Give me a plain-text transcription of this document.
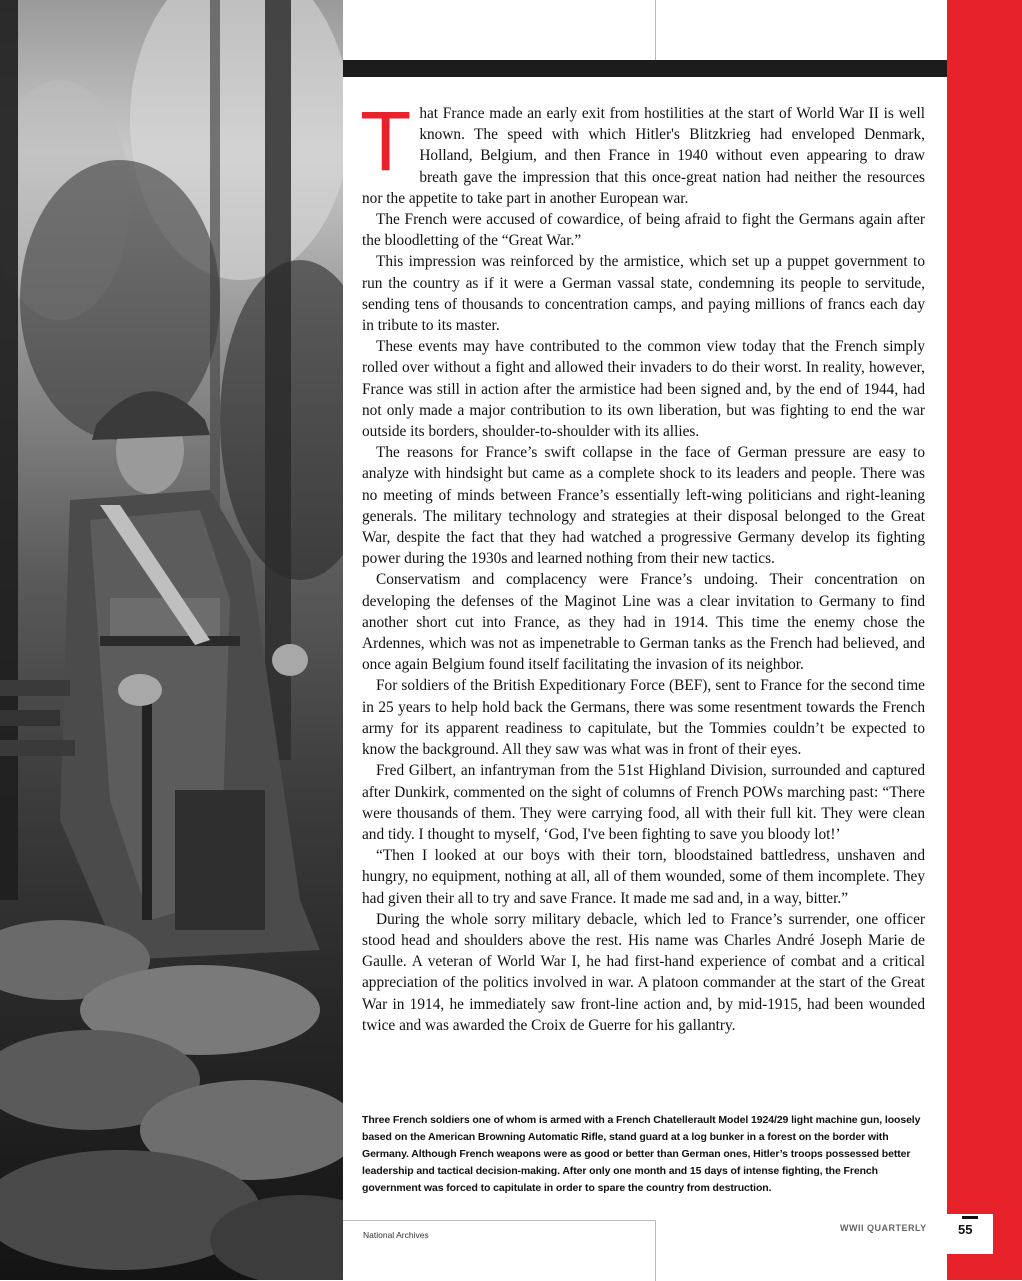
55
WWII QUARTERLY

That France made an early exit from hostilities at the start of World War II is well known. The speed with which Hitler's Blitzkrieg had enveloped Denmark, Holland, Belgium, and then France in 1940 without even appearing to draw breath gave the impression that this once-great nation had neither the resources nor the appetite to take part in another European war.

The French were accused of cowardice, of being afraid to fight the Germans again after the bloodletting of the “Great War.”

This impression was reinforced by the armistice, which set up a puppet government to run the country as if it were a German vassal state, condemning its people to servitude, sending tens of thousands to concentration camps, and paying millions of francs each day in tribute to its master.

These events may have contributed to the common view today that the French simply rolled over without a fight and allowed their invaders to do their worst. In reality, however, France was still in action after the armistice had been signed and, by the end of 1944, had not only made a major contribution to its own liberation, but was fighting to end the war outside its borders, shoulder-to-shoulder with its allies.

The reasons for France’s swift collapse in the face of German pressure are easy to analyze with hindsight but came as a complete shock to its leaders and people. There was no meeting of minds between France’s essentially left-wing politicians and right-leaning generals. The military technology and strategies at their disposal belonged to the Great War, despite the fact that they had watched a progressive Germany develop its fighting power during the 1930s and learned nothing from their new tactics.

Conservatism and complacency were France’s undoing. Their concentration on developing the defenses of the Maginot Line was a clear invitation to Germany to find another short cut into France, as they had in 1914. This time the enemy chose the Ardennes, which was not as impenetrable to German tanks as the French had believed, and once again Belgium found itself facilitating the invasion of its neighbor.

For soldiers of the British Expeditionary Force (BEF), sent to France for the second time in 25 years to help hold back the Germans, there was some resentment towards the French army for its apparent readiness to capitulate, but the Tommies couldn’t be expected to know the background. All they saw was what was in front of their eyes.

Fred Gilbert, an infantryman from the 51st Highland Division, surrounded and captured after Dunkirk, commented on the sight of columns of French POWs marching past: “There were thousands of them. They were carrying food, all with their full kit. They were clean and tidy. I thought to myself, ‘God, I've been fighting to save you bloody lot!’

“Then I looked at our boys with their torn, bloodstained battledress, unshaven and hungry, no equipment, nothing at all, all of them wounded, some of them incomplete. They had given their all to try and save France. It made me sad and, in a way, bitter.”

During the whole sorry military debacle, which led to France’s surrender, one officer stood head and shoulders above the rest. His name was Charles André Joseph Marie de Gaulle. A veteran of World War I, he had first-hand experience of combat and a critical appreciation of the politics involved in war. A platoon commander at the start of the Great War in 1914, he immediately saw front-line action and, by mid-1915, had been wounded twice and was awarded the Croix de Guerre for his gallantry.

Three French soldiers one of whom is armed with a French Chatellerault Model 1924/29 light machine gun, loosely based on the American Browning Automatic Rifle, stand guard at a log bunker in a forest on the border with Germany. Although French weapons were as good or better than German ones, Hitler’s troops possessed better leadership and tactical decision-making. After only one month and 15 days of intense fighting, the French government was forced to capitulate in order to spare the country from destruction.
National Archives
